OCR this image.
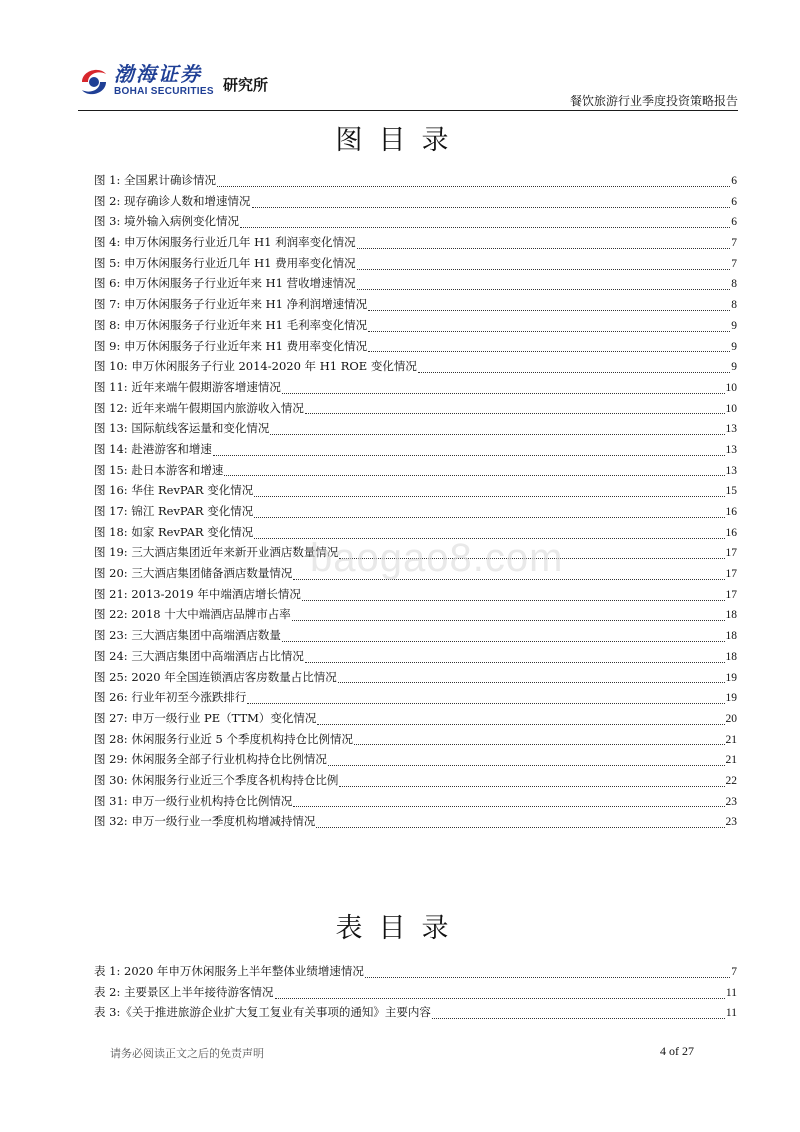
渤海证券
BOHAI SECURITIES 研究所
餐饮旅游行业季度投资策略报告
图目录
图 1: 全国累计确诊情况	6
图 2: 现存确诊人数和增速情况	6
图 3: 境外输入病例变化情况	6
图 4: 申万休闲服务行业近几年 H1 利润率变化情况	7
图 5: 申万休闲服务行业近几年 H1 费用率变化情况	7
图 6: 申万休闲服务子行业近年来 H1 营收增速情况	8
图 7: 申万休闲服务子行业近年来 H1 净利润增速情况	8
图 8: 申万休闲服务子行业近年来 H1 毛利率变化情况	9
图 9: 申万休闲服务子行业近年来 H1 费用率变化情况	9
图 10: 申万休闲服务子行业 2014-2020 年 H1 ROE 变化情况	9
图 11: 近年来端午假期游客增速情况	10
图 12: 近年来端午假期国内旅游收入情况	10
图 13: 国际航线客运量和变化情况	13
图 14: 赴港游客和增速	13
图 15: 赴日本游客和增速	13
图 16: 华住 RevPAR 变化情况	15
图 17: 锦江 RevPAR 变化情况	16
图 18: 如家 RevPAR 变化情况	16
图 19: 三大酒店集团近年来新开业酒店数量情况	17
图 20: 三大酒店集团储备酒店数量情况	17
图 21: 2013-2019 年中端酒店增长情况	17
图 22: 2018 十大中端酒店品牌市占率	18
图 23: 三大酒店集团中高端酒店数量	18
图 24: 三大酒店集团中高端酒店占比情况	18
图 25: 2020 年全国连锁酒店客房数量占比情况	19
图 26: 行业年初至今涨跌排行	19
图 27: 申万一级行业 PE（TTM）变化情况	20
图 28: 休闲服务行业近 5 个季度机构持仓比例情况	21
图 29: 休闲服务全部子行业机构持仓比例情况	21
图 30: 休闲服务行业近三个季度各机构持仓比例	22
图 31: 申万一级行业机构持仓比例情况	23
图 32: 申万一级行业一季度机构增减持情况	23
baogao8.com
表目录
表 1: 2020 年申万休闲服务上半年整体业绩增速情况	7
表 2: 主要景区上半年接待游客情况	11
表 3:《关于推进旅游企业扩大复工复业有关事项的通知》主要内容	11
请务必阅读正文之后的免责声明	4 of 27
